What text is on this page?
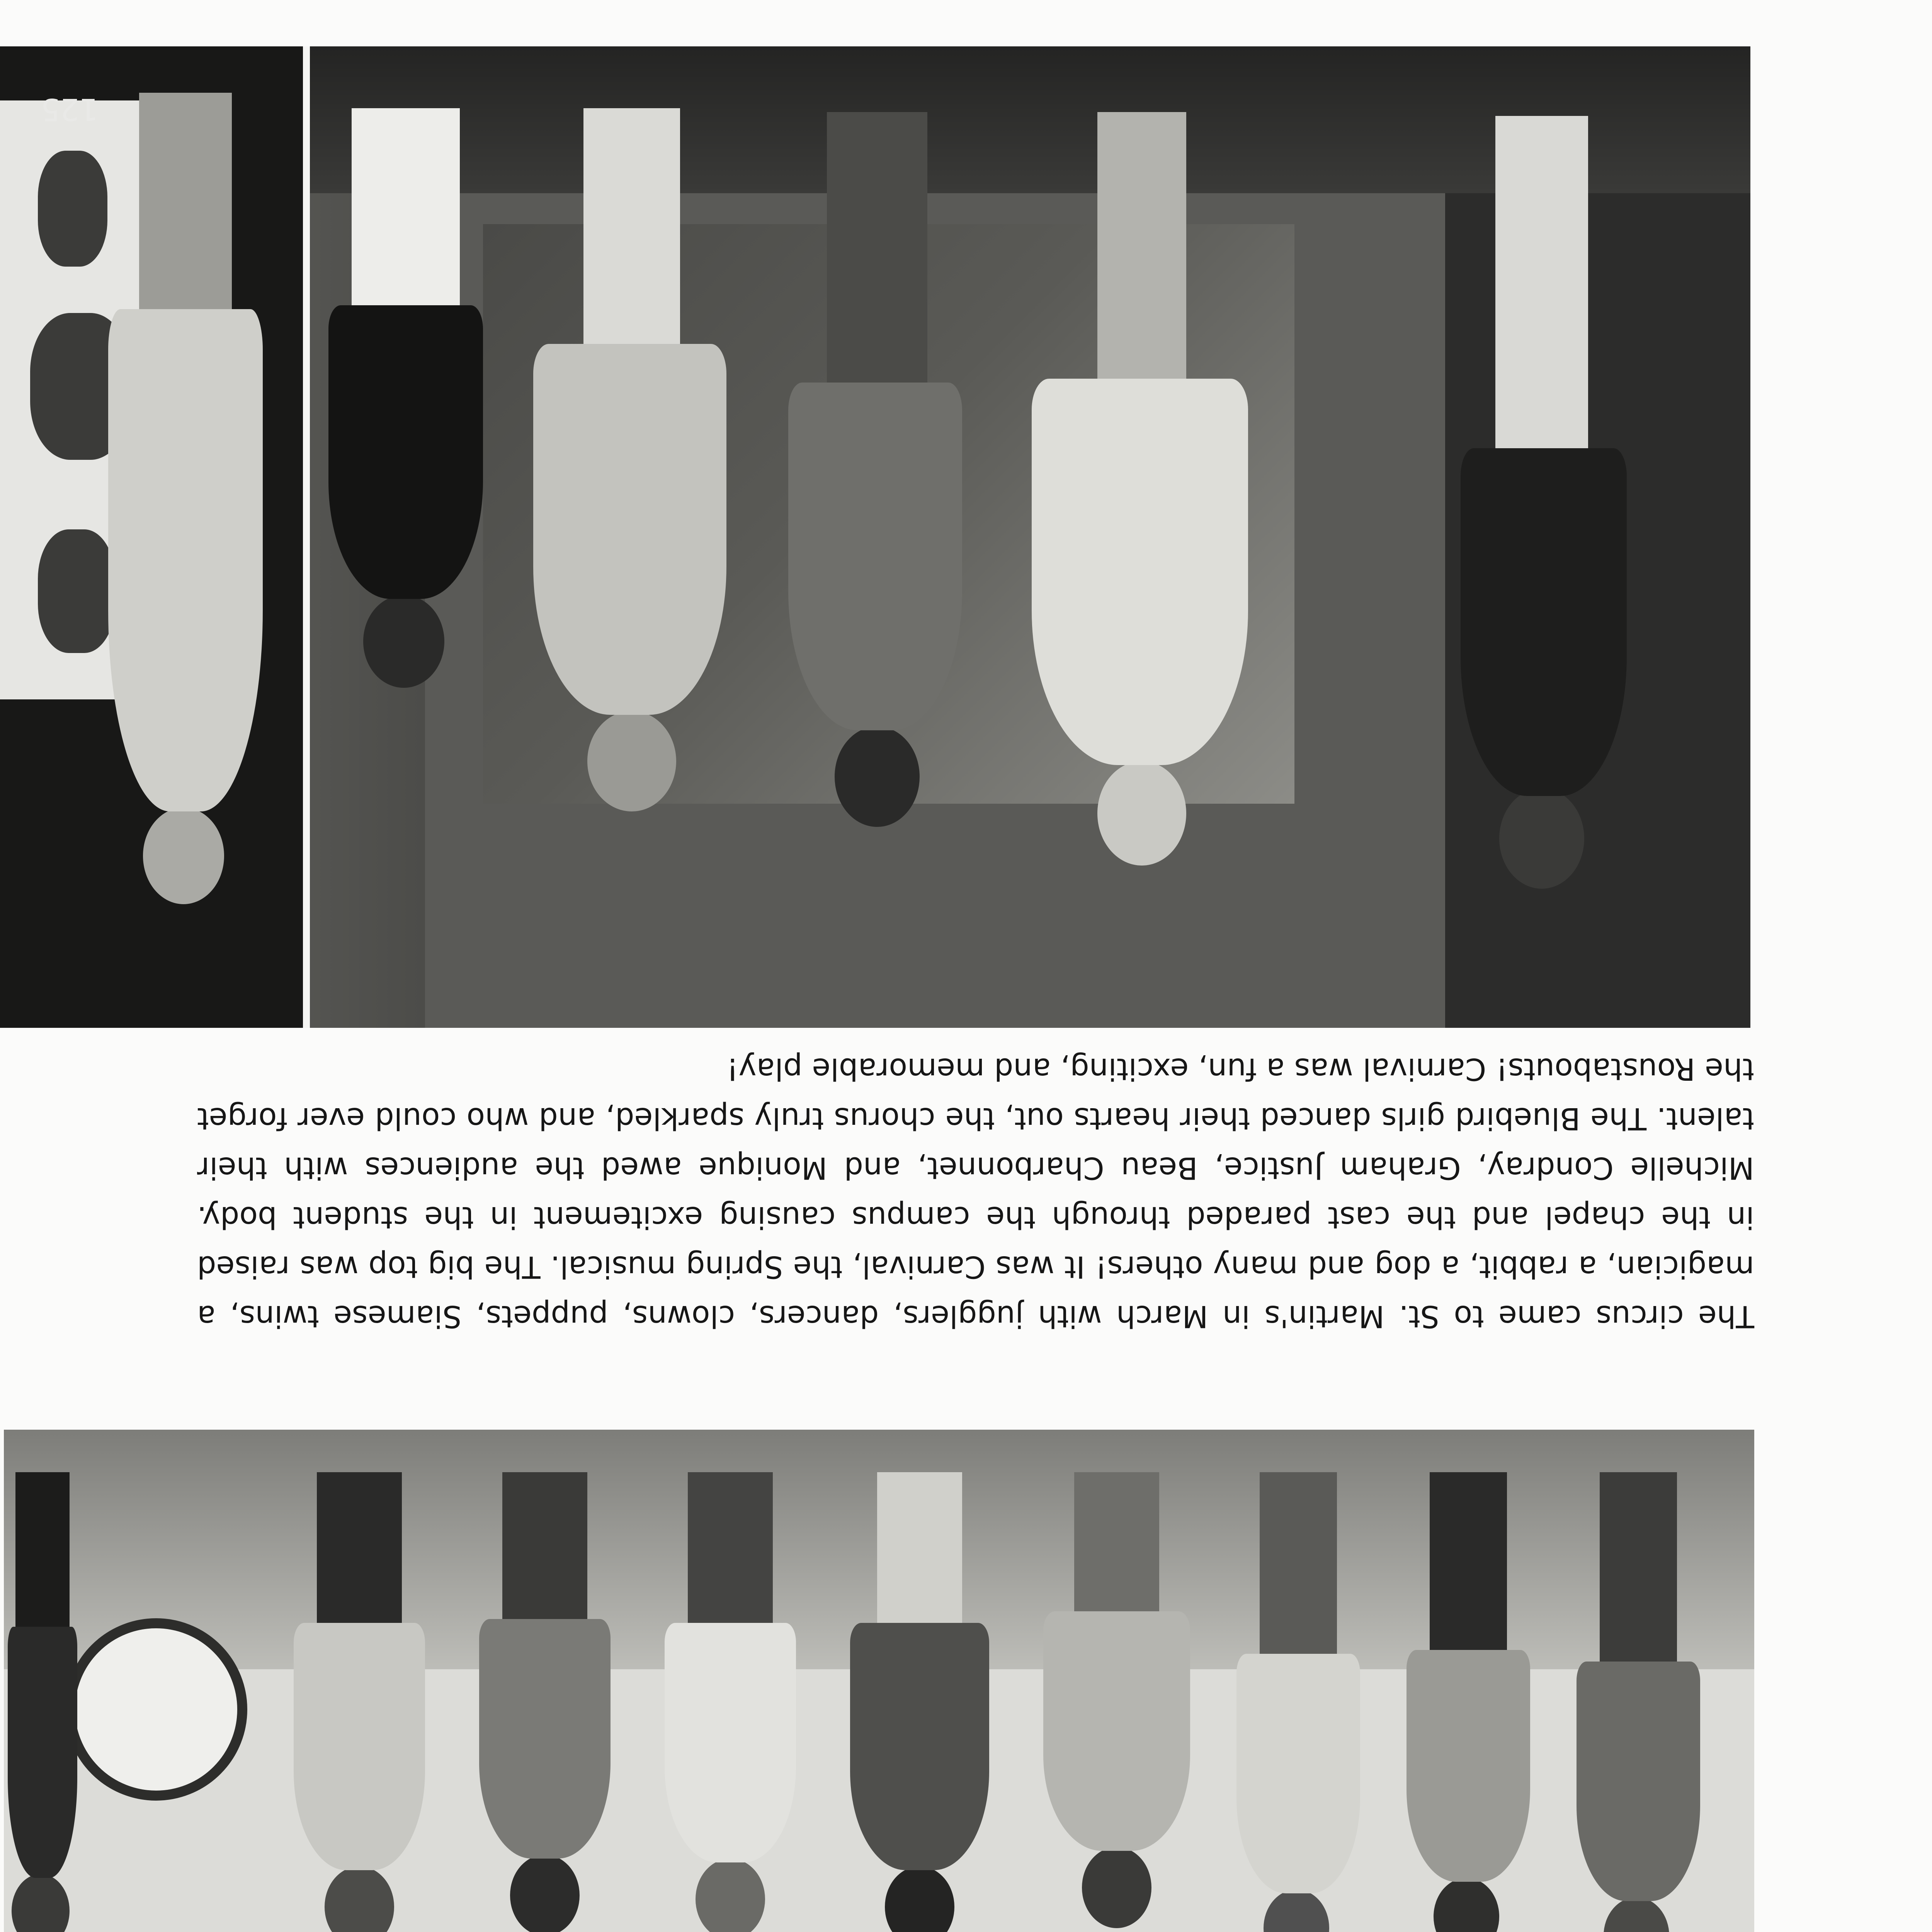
125

The circus came to St. Martin's in March with jugglers, dancers, clowns, puppets, Siamese twins, a magician, a rabbit, a dog and many others! It was Carnival, the Spring musical. The big top was raised in the chapel and the cast paraded through the campus causing excitement in the student body. Michelle Condray, Graham Justice, Beau Charbonnet, and Monique awed the audiences with their talent. The Bluebird girls danced their hearts out, the chorus truly sparkled, and who could ever forget the Roustabouts! Carnival was a fun, exciting, and memorable play!
